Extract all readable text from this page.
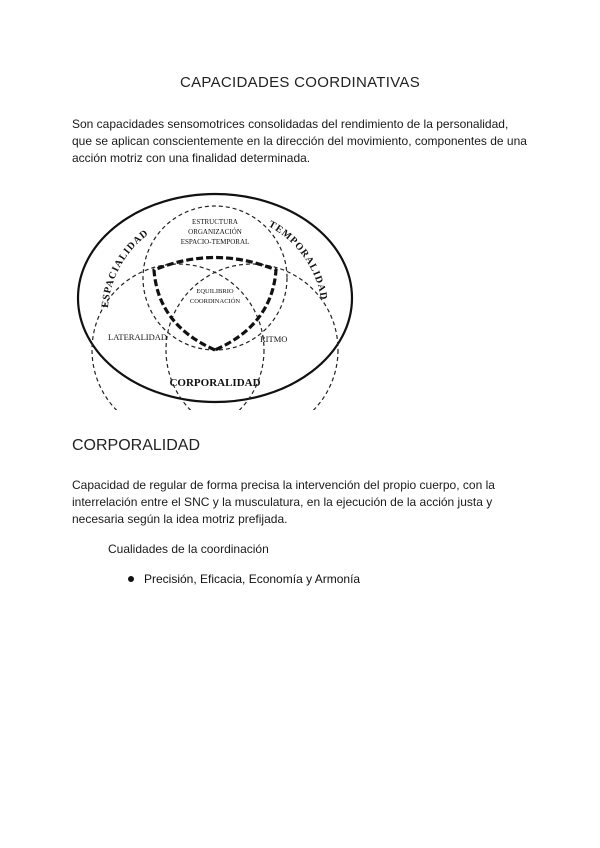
CAPACIDADES COORDINATIVAS
Son capacidades sensomotrices consolidadas del rendimiento de la personalidad, que se aplican conscientemente en la dirección del movimiento, componentes de una acción motriz con una finalidad determinada.
ESPACIALIDAD
TEMPORALIDAD
ESTRUCTURA
ORGANIZACIÓN
ESPACIO-TEMPORAL
EQUILIBRIO
COORDINACIÓN
LATERALIDAD	RITMO
CORPORALIDAD
CORPORALIDAD
Capacidad de regular de forma precisa la intervención del propio cuerpo, con la interrelación entre el SNC y la musculatura, en la ejecución de la acción justa y necesaria según la idea motriz prefijada.
Cualidades de la coordinación
Precisión, Eficacia, Economía y Armonía
